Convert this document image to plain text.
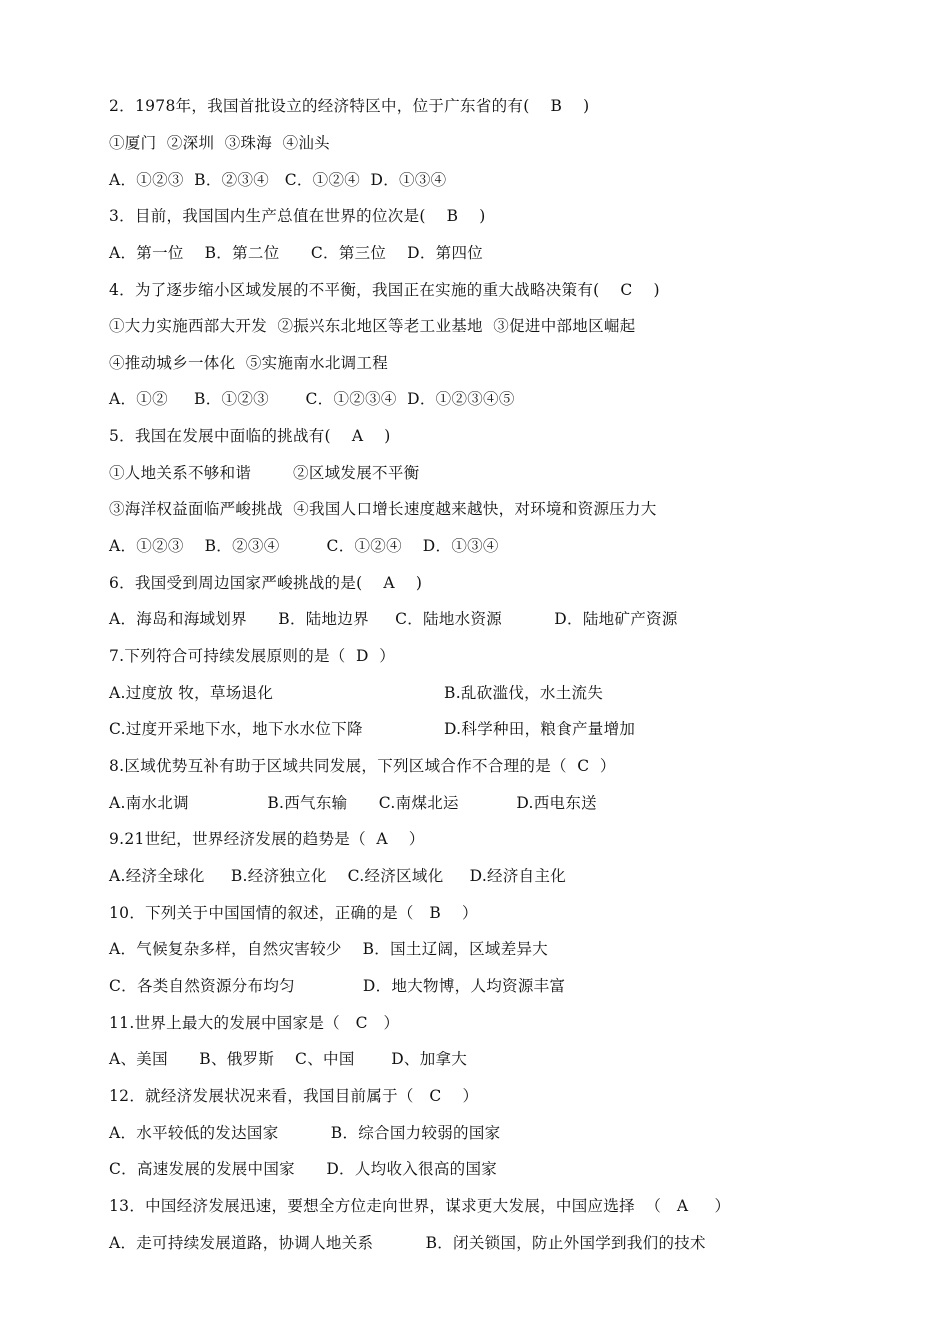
2．1978年，我国首批设立的经济特区中，位于广东省的有(    B    )
①厦门  ②深圳  ③珠海  ④汕头
A．①②③  B．②③④   C．①②④  D．①③④
3．目前，我国国内生产总值在世界的位次是(    B    )
A．第一位    B．第二位      C．第三位    D．第四位
4．为了逐步缩小区域发展的不平衡，我国正在实施的重大战略决策有(    C    )
①大力实施西部大开发  ②振兴东北地区等老工业基地  ③促进中部地区崛起
④推动城乡一体化  ⑤实施南水北调工程
A．①②     B．①②③       C．①②③④  D．①②③④⑤
5．我国在发展中面临的挑战有(    A    )
①人地关系不够和谐        ②区域发展不平衡
③海洋权益面临严峻挑战  ④我国人口增长速度越来越快，对环境和资源压力大
A．①②③    B．②③④         C．①②④    D．①③④
6．我国受到周边国家严峻挑战的是(    A    )
A．海岛和海域划界      B．陆地边界     C．陆地水资源          D．陆地矿产资源
7.下列符合可持续发展原则的是（  D  ）

A.过度放 牧，草场退化

	B.乱砍滥伐，水土流失

C.过度开采地下水，地下水水位下降

	D.科学种田，粮食产量增加

8.区域优势互补有助于区域共同发展，下列区域合作不合理的是（  C  ）
A.南水北调               B.西气东输      C.南煤北运           D.西电东送
9.21世纪，世界经济发展的趋势是（  A    ）
A.经济全球化     B.经济独立化    C.经济区域化     D.经济自主化
10．下列关于中国国情的叙述，正确的是（   B    ）
A．气候复杂多样，自然灾害较少    B．国土辽阔，区域差异大
C．各类自然资源分布均匀             D．地大物博，人均资源丰富
11.世界上最大的发展中国家是（   C   ）
A、美国      B、俄罗斯    C、中国       D、加拿大
12．就经济发展状况来看，我国目前属于（   C    ）
A．水平较低的发达国家          B．综合国力较弱的国家
C．高速发展的发展中国家      D．人均收入很高的国家
13．中国经济发展迅速，要想全方位走向世界，谋求更大发展，中国应选择  （   A     ）
A．走可持续发展道路，协调人地关系          B．闭关锁国，防止外国学到我们的技术
